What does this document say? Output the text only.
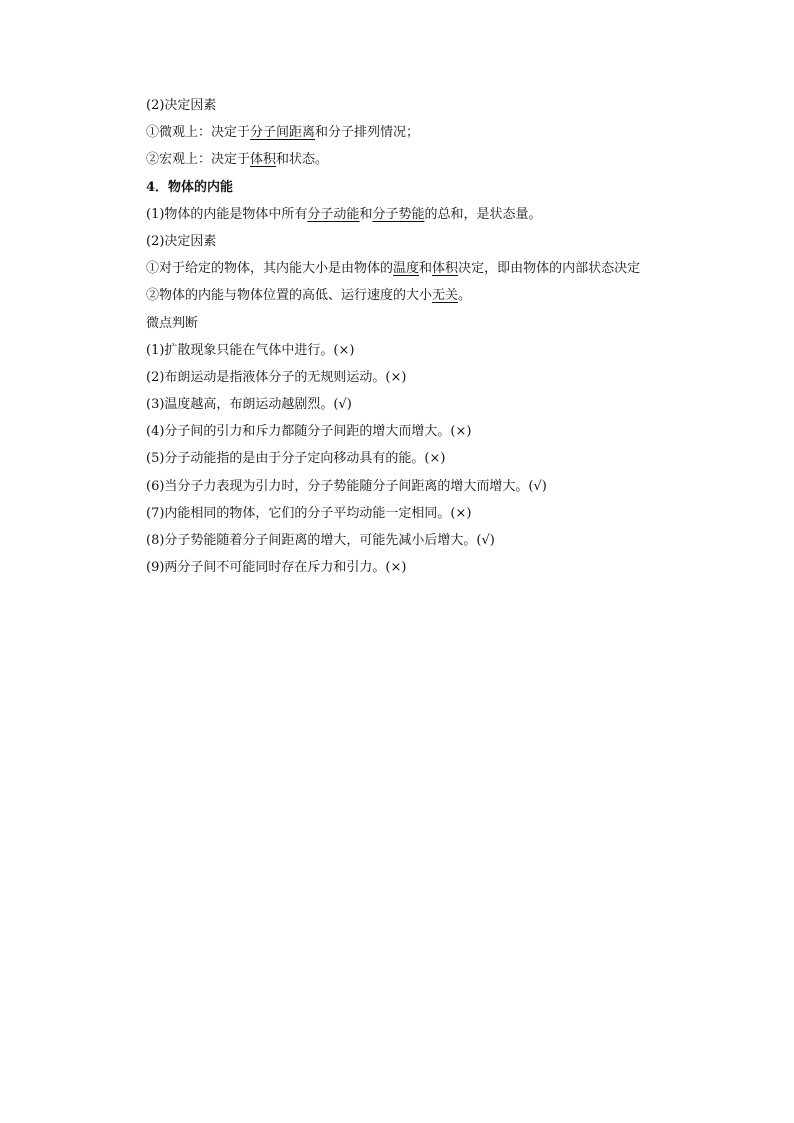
(2)决定因素
①微观上：决定于分子间距离和分子排列情况；
②宏观上：决定于体积和状态。
4．物体的内能
(1)物体的内能是物体中所有分子动能和分子势能的总和，是状态量。
(2)决定因素
①对于给定的物体，其内能大小是由物体的温度和体积决定，即由物体的内部状态决定
②物体的内能与物体位置的高低、运行速度的大小无关。
微点判断
(1)扩散现象只能在气体中进行。(×)
(2)布朗运动是指液体分子的无规则运动。(×)
(3)温度越高，布朗运动越剧烈。(√)
(4)分子间的引力和斥力都随分子间距的增大而增大。(×)
(5)分子动能指的是由于分子定向移动具有的能。(×)
(6)当分子力表现为引力时，分子势能随分子间距离的增大而增大。(√)
(7)内能相同的物体，它们的分子平均动能一定相同。(×)
(8)分子势能随着分子间距离的增大，可能先减小后增大。(√)
(9)两分子间不可能同时存在斥力和引力。(×)
